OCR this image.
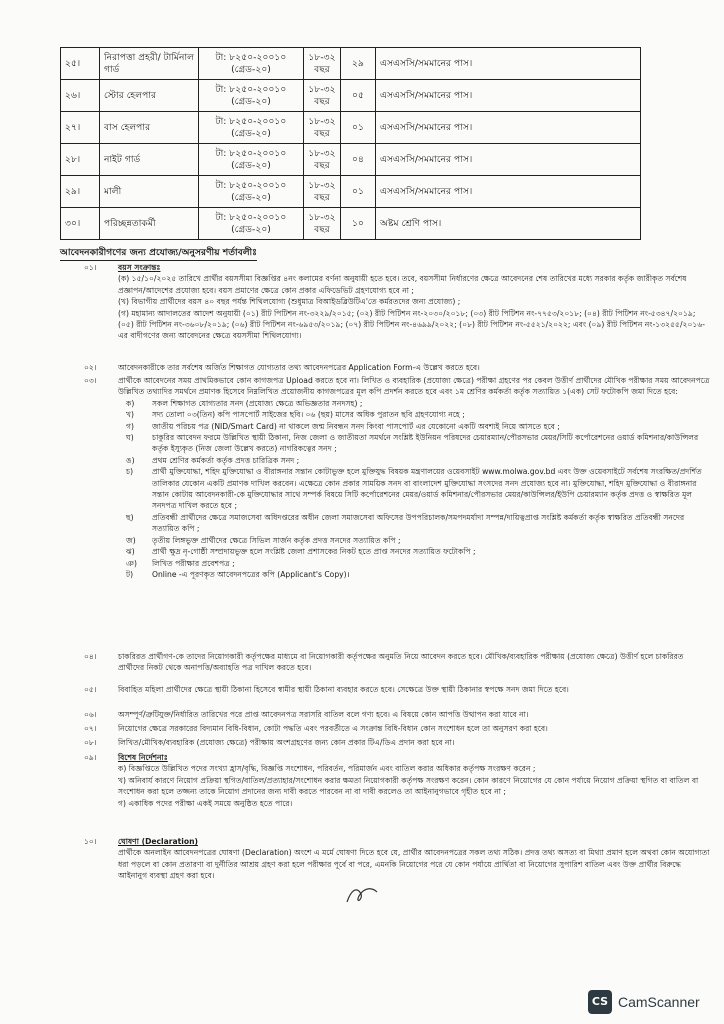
২৫।	নিরাপত্তা প্রহরী/ টার্মিনাল গার্ড	টা: ৮২৫০-২০০১০ (গ্রেড-২০)	১৮-৩২ বছর	২৯	এসএসসি/সমমানের পাস।
২৬।	স্টোর হেলপার	টা: ৮২৫০-২০০১০ (গ্রেড-২০)	১৮-৩২ বছর	০৫	এসএসসি/সমমানের পাস।
২৭।	বাস হেলপার	টা: ৮২৫০-২০০১০ (গ্রেড-২০)	১৮-৩২ বছর	০১	এসএসসি/সমমানের পাস।
২৮।	নাইট গার্ড	টা: ৮২৫০-২০০১০ (গ্রেড-২০)	১৮-৩২ বছর	০৪	এসএসসি/সমমানের পাস।
২৯।	মালী	টা: ৮২৫০-২০০১০ (গ্রেড-২০)	১৮-৩২ বছর	০১	এসএসসি/সমমানের পাস।
৩০।	পরিচ্ছন্নতাকর্মী	টা: ৮২৫০-২০০১০ (গ্রেড-২০)	১৮-৩২ বছর	১০	অষ্টম শ্রেণি পাস।
আবেদনকারীগণের জন্য প্রযোজ্য/অনুসরণীয় শর্তাবলীঃ
০১।	বয়স সংক্রান্তঃ
(ক) ১৫/১০/২০২৫ তারিখে প্রার্থীর বয়সসীমা বিজ্ঞপ্তির ৪নং কলামের বর্ণনা অনুযায়ী হতে হবে। তবে, বয়সসীমা নির্ধারণের ক্ষেত্রে আবেদনের শেষ তারিখের মধ্যে সরকার কর্তৃক জারীকৃত সর্বশেষ প্রজ্ঞাপন/আদেশের প্রযোজ্য হবে। বয়স প্রমাণের ক্ষেত্রে কোন প্রকার এফিডেভিট গ্রহণযোগ্য হবে না ;
(খ) বিভাগীয় প্রার্থীদের বয়স ৪০ বছর পর্যন্ত শিথিলযোগ্য (শুধুমাত্র বিআইডব্লিউটিএ'তে কর্মরতদের জন্য প্রযোজ্য) ;
(গ) মহামান্য আদালতের আদেশ অনুযায়ী (০১) রীট পিটিশন নং-৩২২৯/২০১৫; (০২) রীট পিটিশন নং-২০৩০/২০১৮; (০৩) রীট পিটিশন নং-৭৭৫৩/২০১৮; (০৪) রীট পিটিশন নং-৫৩৪৭/২০১৯; (০৫) রীট পিটিশন নং-৩৬০৮/২০১৯; (০৬) রীট পিটিশন নং-৬৯৫৩/২০১৯; (০৭) রীট পিটিশন নং-৪৬৯৯/২০২২; (০৮) রীট পিটিশন নং-৫৫২১/২০২২; এবং (০৯) রীট পিটিশন নং-১৩২৫৫/২০১৬-এর বাদীগণের জন্য আবেদনের ক্ষেত্রে বয়সসীমা শিথিলযোগ্য।
০২।	আবেদনকারীকে তার সর্বশেষ অর্জিত শিক্ষাগত যোগ্যতার তথ্য আবেদনপত্রের Application Form-এ উল্লেখ করতে হবে।
০৩।	প্রার্থীকে আবেদনের সময় প্রাথমিকভাবে কোন কাগজপত্র Upload করতে হবে না। লিখিত ও ব্যবহারিক (প্রযোজ্য ক্ষেত্রে) পরীক্ষা গ্রহণের পর কেবল উত্তীর্ণ প্রার্থীদের মৌখিক পরীক্ষার সময় আবেদনপত্রে উল্লিখিত তথ্যাদির সমর্থনে প্রমাণক হিসেবে নিম্নলিখিত প্রয়োজনীয় কাগজপত্রের মূল কপি প্রদর্শন করতে হবে এবং ১ম শ্রেণির কর্মকর্তা কর্তৃক সত্যায়িত ১(এক) সেট ফটোকপি জমা দিতে হবে:
ক) সকল শিক্ষাগত যোগ্যতার সনদ (প্রযোজ্য ক্ষেত্রে অভিজ্ঞতার সনদসহ) ;
খ) সদ্য তোলা ০৩(তিন) কপি পাসপোর্ট সাইজের ছবি। ০৬ (ছয়) মাসের অধিক পুরাতন ছবি গ্রহণযোগ্য নহে ;
গ) জাতীয় পরিচয় পত্র (NID/Smart Card) না থাকলে জন্ম নিবন্ধন সনদ কিংবা পাসপোর্ট এর যেকোনো একটি অবশ্যই নিয়ে আসতে হবে ;
ঘ) চাকুরির আবেদন ফরমে উল্লিখিত স্থায়ী ঠিকানা, নিজ জেলা ও জাতীয়তা সমর্থনে সংশ্লিষ্ট ইউনিয়ন পরিষদের চেয়ারম্যান/পৌরসভার মেয়র/সিটি কর্পোরেশনের ওয়ার্ড কমিশনার/কাউন্সিলর কর্তৃক ইস্যুকৃত (নিজ জেলা উল্লেখ করতে) নাগরিকত্বের সনদ ;
ঙ) প্রথম শ্রেণির কর্মকর্তা কর্তৃক প্রদত্ত চারিত্রিক সনদ ;
চ) প্রার্থী মুক্তিযোদ্ধা, শহিদ মুক্তিযোদ্ধা ও বীরাঙ্গনার সন্তান কোটাভুক্ত হলে মুক্তিযুদ্ধ বিষয়ক মন্ত্রণালয়ের ওয়েবসাইট www.molwa.gov.bd এবং উক্ত ওয়েবসাইটে সর্বশেষ সংরক্ষিত/প্রদর্শিত তালিকার যেকোন একটি প্রমাণক দাখিল করবেন। এক্ষেত্রে কোন প্রকার সাময়িক সনদ বা বাংলাদেশ মুক্তিযোদ্ধা সংসদের সনদ প্রযোজ্য হবে না। মুক্তিযোদ্ধা, শহিদ মুক্তিযোদ্ধা ও বীরাঙ্গনার সন্তান কোটায় আবেদনকারী-কে মুক্তিযোদ্ধার সাথে সম্পর্ক বিষয়ে সিটি কর্পোরেশনের মেয়র/ওয়ার্ড কমিশনার/পৌরসভার মেয়র/কাউন্সিলর/ইউপি চেয়ারম্যান কর্তৃক প্রদত্ত ও স্বাক্ষরিত মূল সনদপত্র দাখিল করতে হবে ;
ছ) প্রতিবন্ধী প্রার্থীদের ক্ষেত্রে সমাজসেবা অধিদপ্তরের অধীন জেলা সমাজসেবা অফিসের উপপরিচালক/সমপদমর্যাদা সম্পন্ন/দায়িত্বপ্রাপ্ত সংশ্লিষ্ট কর্মকর্তা কর্তৃক স্বাক্ষরিত প্রতিবন্ধী সনদের সত্যায়িত কপি ;
জ) তৃতীয় লিঙ্গভুক্ত প্রার্থীদের ক্ষেত্রে সিভিল সার্জন কর্তৃক প্রদত্ত সনদের সত্যায়িত কপি ;
ঝ) প্রার্থী ক্ষুদ্র নৃ-গোষ্ঠী সম্প্রদায়ভুক্ত হলে সংশ্লিষ্ট জেলা প্রশাসকের নিকট হতে প্রাপ্ত সনদের সত্যায়িত ফটোকপি ;
ঞ) লিখিত পরীক্ষার প্রবেশপত্র ;
ট) Online -এ পূরণকৃত আবেদনপত্রের কপি (Applicant's Copy)।
০৪।	চাকরিরত প্রার্থীগণ-কে তাদের নিয়োগকারী কর্তৃপক্ষের মাধ্যমে বা নিয়োগকারী কর্তৃপক্ষের অনুমতি নিয়ে আবেদন করতে হবে। মৌখিক/ব্যবহারিক পরীক্ষায় (প্রযোজ্য ক্ষেত্রে) উত্তীর্ণ হলে চাকরিরত প্রার্থীদের নিকট থেকে অনাপত্তি/অব্যাহতি পত্র দাখিল করতে হবে।
০৫।	বিবাহিত মহিলা প্রার্থীদের ক্ষেত্রে স্থায়ী ঠিকানা হিসেবে স্বামীর স্থায়ী ঠিকানা ব্যবহার করতে হবে। সেক্ষেত্রে উক্ত স্থায়ী ঠিকানার স্বপক্ষে সনদ জমা দিতে হবে।
০৬।	অসম্পূর্ণ/ত্রুটিযুক্ত/নির্ধারিত তারিখের পরে প্রাপ্ত আবেদনপত্র সরাসরি বাতিল বলে গণ্য হবে। এ বিষয়ে কোন আপত্তি উত্থাপন করা যাবে না।
০৭।	নিয়োগের ক্ষেত্রে সরকারের বিদ্যমান বিধি-বিধান, কোটা পদ্ধতি এবং পরবর্তীতে এ সংক্রান্ত বিধি-বিধান কোন সংশোধন হলে তা অনুসরণ করা হবে।
০৮।	লিখিত/মৌখিক/ব্যবহারিক (প্রযোজ্য ক্ষেত্রে) পরীক্ষায় অংশগ্রহণের জন্য কোন প্রকার টিএ/ডিএ প্রদান করা হবে না।
০৯।	বিশেষ নির্দেশনাঃ
ক) বিজ্ঞপ্তিতে উল্লিখিত পদের সংখ্যা হ্রাস/বৃদ্ধি, বিজ্ঞপ্তি সংশোধন, পরিবর্তন, পরিমার্জন এবং বাতিল করার অধিকার কর্তৃপক্ষ সংরক্ষণ করেন ;
খ) অনিবার্য কারণে নিয়োগ প্রক্রিয়া স্থগিত/বাতিল/প্রত্যাহার/সংশোধন করার ক্ষমতা নিয়োগকারী কর্তৃপক্ষ সংরক্ষণ করেন। কোন কারণে নিয়োগের যে কোন পর্যায়ে নিয়োগ প্রক্রিয়া স্থগিত বা বাতিল বা সংশোধন করা হলে তজ্জন্য তাকে নিয়োগ প্রদানের জন্য দাবী করতে পারবেন না বা দাবী করলেও তা আইনানুগভাবে গৃহীত হবে না ;
গ) একাধিক পদের পরীক্ষা একই সময়ে অনুষ্ঠিত হতে পারে।
১০।	ঘোষণা (Declaration)
প্রার্থীকে অনলাইন আবেদনপত্রের ঘোষণা (Declaration) অংশে এ মর্মে ঘোষণা দিতে হবে যে, প্রার্থীর আবেদনপত্রের সকল তথ্য সঠিক। প্রদত্ত তথ্য অসত্য বা মিথ্যা প্রমাণ হলে অথবা কোন অযোগ্যতা ধরা পড়লে বা কোন প্রতারণা বা দুর্নীতির আশ্রয় গ্রহণ করা হলে পরীক্ষার পূর্বে বা পরে, এমনকি নিয়োগের পরে যে কোন পর্যায়ে প্রার্থিতা বা নিয়োগের সুপারিশ বাতিল এবং উক্ত প্রার্থীর বিরুদ্ধে আইনানুগ ব্যবস্থা গ্রহণ করা হবে।
CS CamScanner
